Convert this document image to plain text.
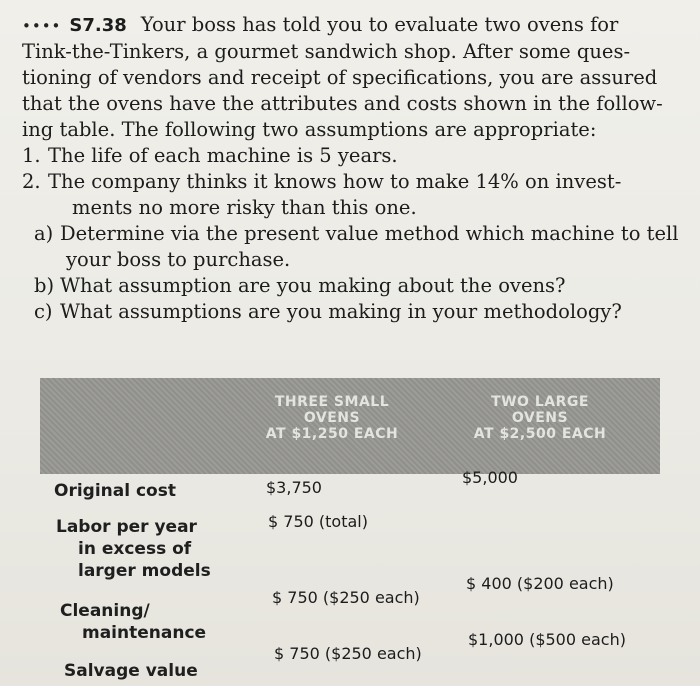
•••• S7.38 Your boss has told you to evaluate two ovens for
Tink-the-Tinkers, a gourmet sandwich shop. After some ques-
tioning of vendors and receipt of specifications, you are assured
that the ovens have the attributes and costs shown in the follow-
ing table. The following two assumptions are appropriate:
1. The life of each machine is 5 years.
2. The company thinks it knows how to make 14% on invest-
ments no more risky than this one.
a) Determine via the present value method which machine to tell
your boss to purchase.
b) What assumption are you making about the ovens?
c) What assumptions are you making in your methodology?
THREE SMALL
OVENS
AT $1,250 EACH
TWO LARGE
OVENS
AT $2,500 EACH
Original cost	$3,750
$5,000
Labor per year
in excess of
larger models
$ 750 (total)
Cleaning/
maintenance
$ 750 ($250 each)
$ 400 ($200 each)
Salvage value
$ 750 ($250 each)
$1,000 ($500 each)
